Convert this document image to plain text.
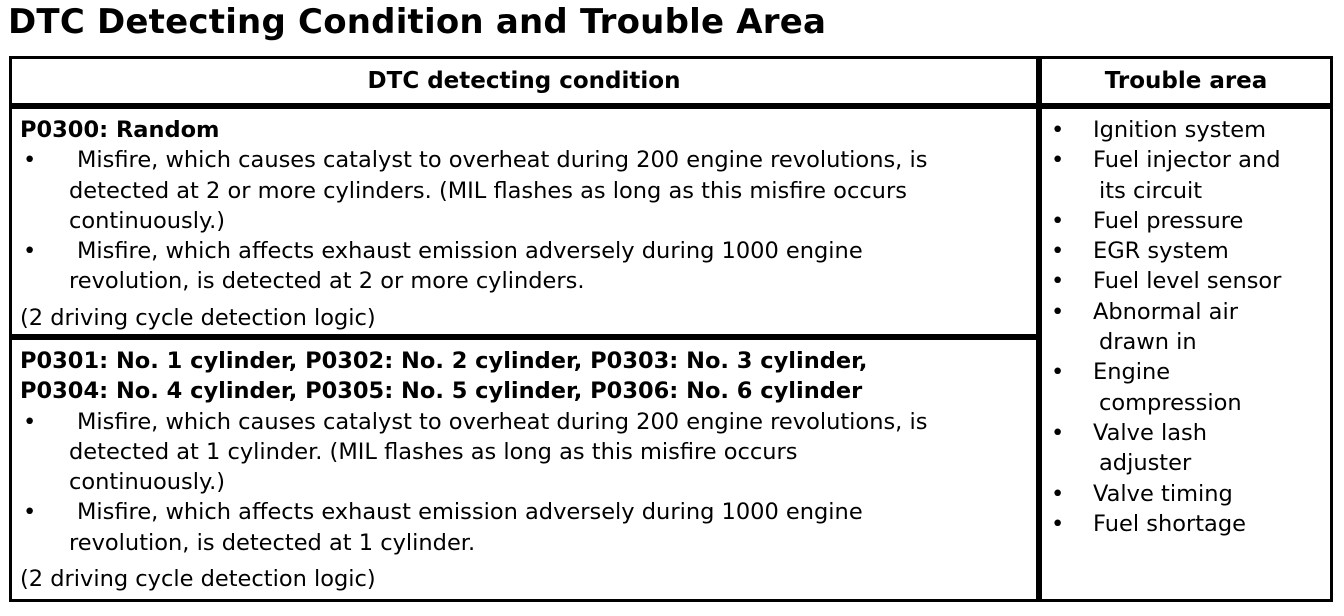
DTC Detecting Condition and Trouble Area
DTC detecting condition	Trouble area
P0300: Random
• Misfire, which causes catalyst to overheat during 200 engine revolutions, is
detected at 2 or more cylinders. (MIL flashes as long as this misfire occurs
continuously.)
• Misfire, which affects exhaust emission adversely during 1000 engine
revolution, is detected at 2 or more cylinders.
(2 driving cycle detection logic)
P0301: No. 1 cylinder, P0302: No. 2 cylinder, P0303: No. 3 cylinder,
P0304: No. 4 cylinder, P0305: No. 5 cylinder, P0306: No. 6 cylinder
• Misfire, which causes catalyst to overheat during 200 engine revolutions, is
detected at 1 cylinder. (MIL flashes as long as this misfire occurs
continuously.)
• Misfire, which affects exhaust emission adversely during 1000 engine
revolution, is detected at 1 cylinder.
(2 driving cycle detection logic)
• Ignition system
• Fuel injector and
its circuit
• Fuel pressure
• EGR system
• Fuel level sensor
• Abnormal air
drawn in
• Engine
compression
• Valve lash
adjuster
• Valve timing
• Fuel shortage
